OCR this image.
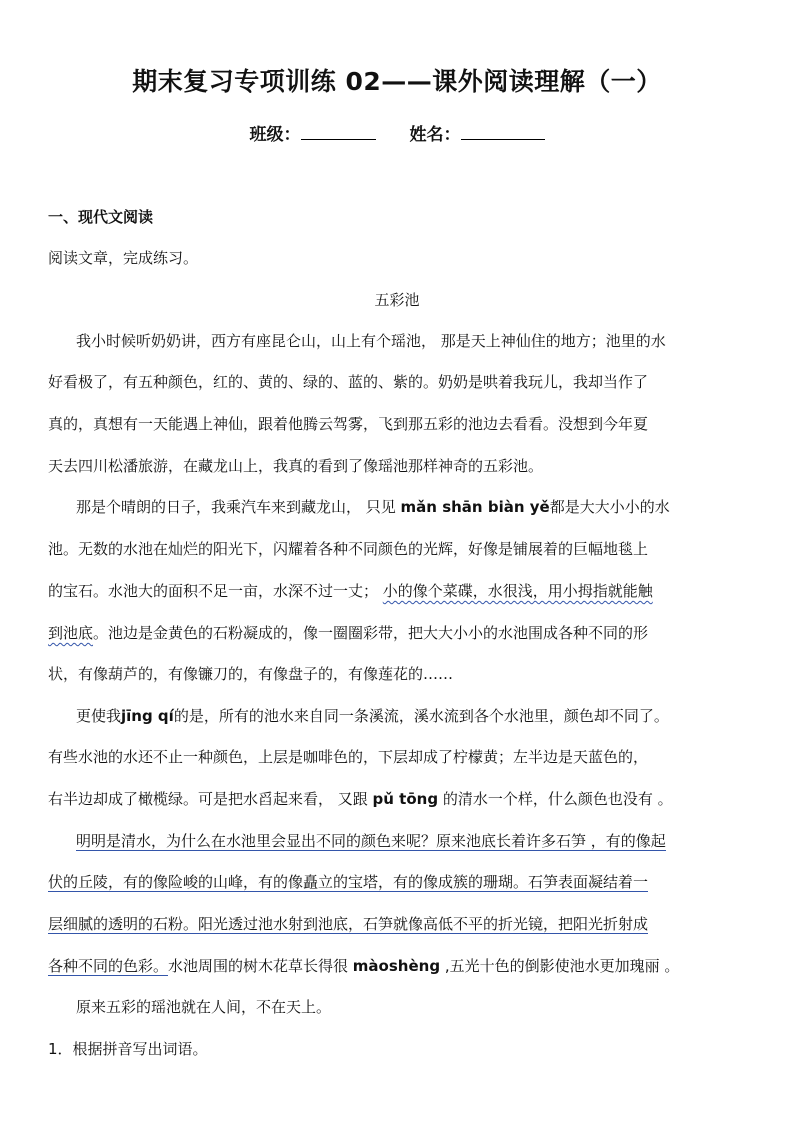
期末复习专项训练 02——课外阅读理解（一）
班级：	姓名：
一、现代文阅读
阅读文章，完成练习。
五彩池
我小时候听奶奶讲，西方有座昆仑山，山上有个瑶池， 那是天上神仙住的地方；池里的水
好看极了，有五种颜色，红的、黄的、绿的、蓝的、紫的。奶奶是哄着我玩儿，我却当作了
真的，真想有一天能遇上神仙，跟着他腾云驾雾，飞到那五彩的池边去看看。没想到今年夏
天去四川松潘旅游，在藏龙山上，我真的看到了像瑶池那样神奇的五彩池。
那是个晴朗的日子，我乘汽车来到藏龙山， 只见 mǎn shān biàn yě都是大大小小的水
池。无数的水池在灿烂的阳光下，闪耀着各种不同颜色的光辉，好像是铺展着的巨幅地毯上
的宝石。水池大的面积不足一亩，水深不过一丈； 小的像个菜碟，水很浅，用小拇指就能触
到池底。池边是金黄色的石粉凝成的，像一圈圈彩带，把大大小小的水池围成各种不同的形
状，有像葫芦的，有像镰刀的，有像盘子的，有像莲花的……
更使我jīng qí的是，所有的池水来自同一条溪流，溪水流到各个水池里，颜色却不同了。
有些水池的水还不止一种颜色，上层是咖啡色的，下层却成了柠檬黄；左半边是天蓝色的，
右半边却成了橄榄绿。可是把水舀起来看， 又跟 pǔ tōng 的清水一个样，什么颜色也没有 。
明明是清水，为什么在水池里会显出不同的颜色来呢？原来池底长着许多石笋 ，有的像起
伏的丘陵，有的像险峻的山峰，有的像矗立的宝塔，有的像成簇的珊瑚。石笋表面凝结着一
层细腻的透明的石粉。阳光透过池水射到池底，石笋就像高低不平的折光镜，把阳光折射成
各种不同的色彩。水池周围的树木花草长得很 màoshèng ,五光十色的倒影使池水更加瑰丽 。
原来五彩的瑶池就在人间，不在天上。
1．根据拼音写出词语。
